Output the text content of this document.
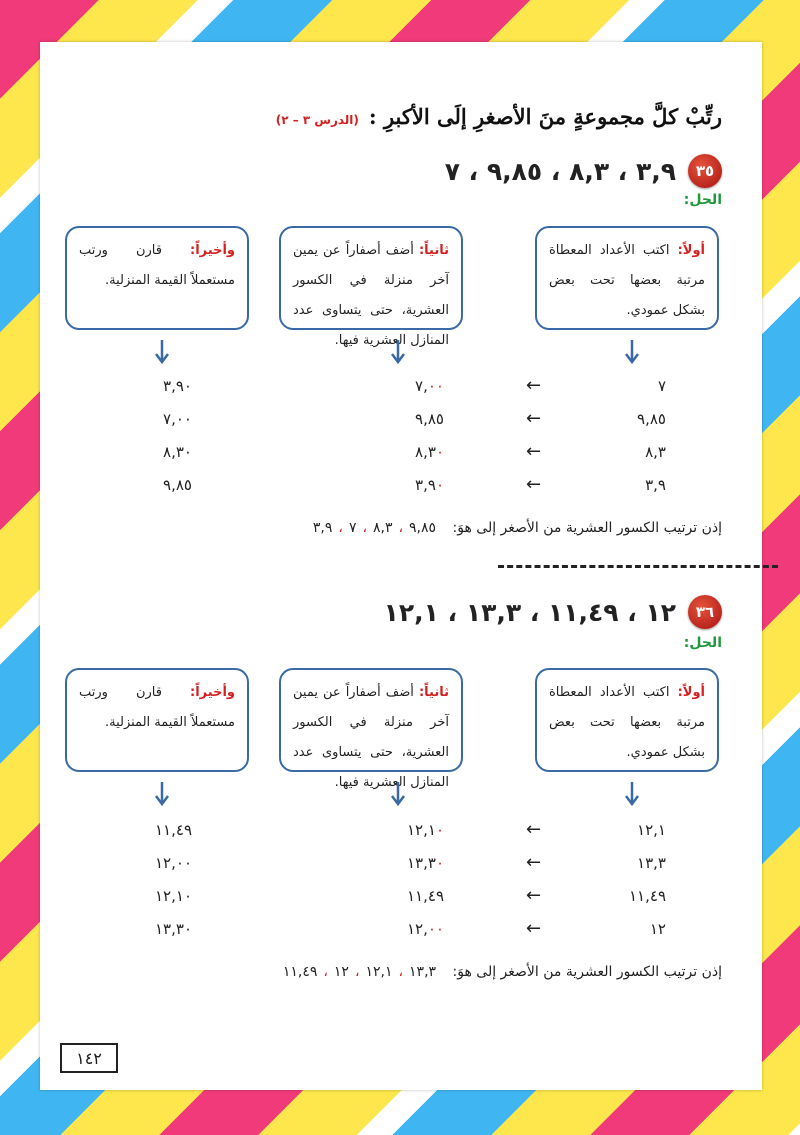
رتِّبْ كلَّ مجموعةٍ منَ الأصغرِ إلَى الأكبرِ :
(الدرس ٣ – ٢)
٣٥
٣,٩ ، ٨,٣ ، ٩,٨٥ ، ٧
الحل:
أولاً: اكتب الأعداد المعطاة مرتبة بعضها تحت بعض بشكل عمودي.
ثانياً: أضف أصفاراً عن يمين آخر منزلة في الكسور العشرية، حتى يتساوى عدد المنازل العشرية فيها.
وأخيراً: قارن ورتب مستعملاً القيمة المنزلية.
٧
←
٧,٠٠
٣,٩٠
٩,٨٥
←
٩,٨٥
٧,٠٠
٨,٣
←
٨,٣٠
٨,٣٠
٣,٩
←
٣,٩٠
٩,٨٥
إذن ترتيب الكسور العشرية من الأصغر إلى هوَ: ٣,٩ ، ٧ ، ٨,٣ ، ٩,٨٥
٣٦
١٢ ، ١١,٤٩ ، ١٣,٣ ، ١٢,١
الحل:
أولاً: اكتب الأعداد المعطاة مرتبة بعضها تحت بعض بشكل عمودي.
ثانياً: أضف أصفاراً عن يمين آخر منزلة في الكسور العشرية، حتى يتساوى عدد المنازل العشرية فيها.
وأخيراً: قارن ورتب مستعملاً القيمة المنزلية.
١٢,١
←
١٢,١٠
١١,٤٩
١٣,٣
←
١٣,٣٠
١٢,٠٠
١١,٤٩
←
١١,٤٩
١٢,١٠
١٢
←
١٢,٠٠
١٣,٣٠
إذن ترتيب الكسور العشرية من الأصغر إلى هوَ: ١١,٤٩ ، ١٢ ، ١٢,١ ، ١٣,٣
١٤٢
